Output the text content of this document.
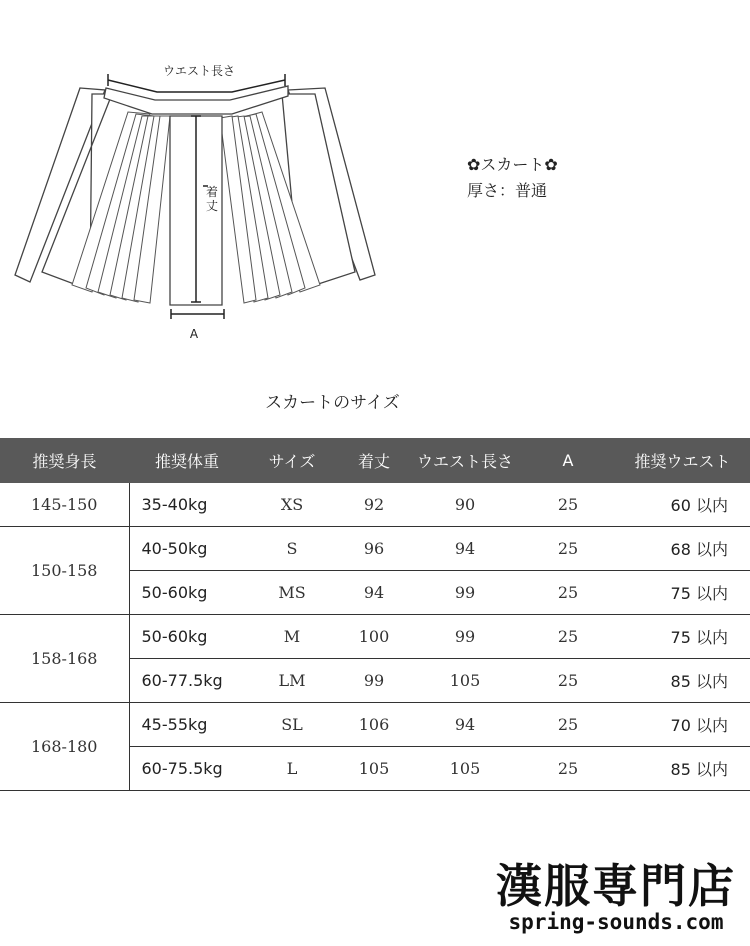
ウエスト長さ
着
丈
A
✿スカート✿
厚さ：普通
スカートのサイズ
推奨身長	推奨体重	サイズ	着丈	ウエスト長さ	A	推奨ウエスト
145-150	35-40kg	XS	92	90	25	60 以内
150-158	40-50kg	S	96	94	25	68 以内
	50-60kg	MS	94	99	25	75 以内
158-168	50-60kg	M	100	99	25	75 以内
	60-77.5kg	LM	99	105	25	85 以内
168-180	45-55kg	SL	106	94	25	70 以内
	60-75.5kg	L	105	105	25	85 以内
漢服専門店
spring-sounds.com
